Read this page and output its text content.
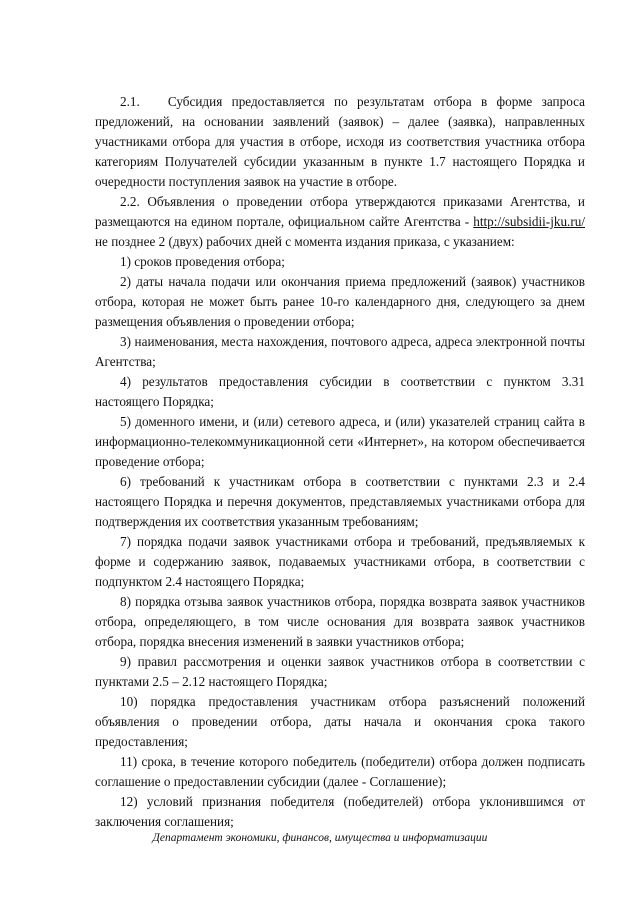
2.1.   Субсидия предоставляется по результатам отбора в форме запроса предложений, на основании заявлений (заявок) – далее (заявка), направленных участниками отбора для участия в отборе, исходя из соответствия участника отбора категориям Получателей субсидии указанным в пункте 1.7 настоящего Порядка и очередности поступления заявок на участие в отборе.

2.2. Объявления о проведении отбора утверждаются приказами Агентства, и размещаются на едином портале, официальном сайте Агентства - http://subsidii-jku.ru/ не позднее 2 (двух) рабочих дней с момента издания приказа, с указанием:

1) сроков проведения отбора;

2) даты начала подачи или окончания приема предложений (заявок) участников отбора, которая не может быть ранее 10-го календарного дня, следующего за днем размещения объявления о проведении отбора;

3) наименования, места нахождения, почтового адреса, адреса электронной почты Агентства;

4) результатов предоставления субсидии в соответствии с пунктом 3.31 настоящего Порядка;

5) доменного имени, и (или) сетевого адреса, и (или) указателей страниц сайта в информационно-телекоммуникационной сети «Интернет», на котором обеспечивается проведение отбора;

6) требований к участникам отбора в соответствии с пунктами 2.3 и 2.4 настоящего Порядка и перечня документов, представляемых участниками отбора для подтверждения их соответствия указанным требованиям;

7) порядка подачи заявок участниками отбора и требований, предъявляемых к форме и содержанию заявок, подаваемых участниками отбора, в соответствии с подпунктом 2.4 настоящего Порядка;

8) порядка отзыва заявок участников отбора, порядка возврата заявок участников отбора, определяющего, в том числе основания для возврата заявок участников отбора, порядка внесения изменений в заявки участников отбора;

9) правил рассмотрения и оценки заявок участников отбора в соответствии с пунктами 2.5 – 2.12 настоящего Порядка;

10) порядка предоставления участникам отбора разъяснений положений объявления о проведении отбора, даты начала и окончания срока такого предоставления;

11) срока, в течение которого победитель (победители) отбора должен подписать соглашение о предоставлении субсидии (далее - Соглашение);

12) условий признания победителя (победителей) отбора уклонившимся от заключения соглашения;

Департамент экономики, финансов, имущества и информатизации
